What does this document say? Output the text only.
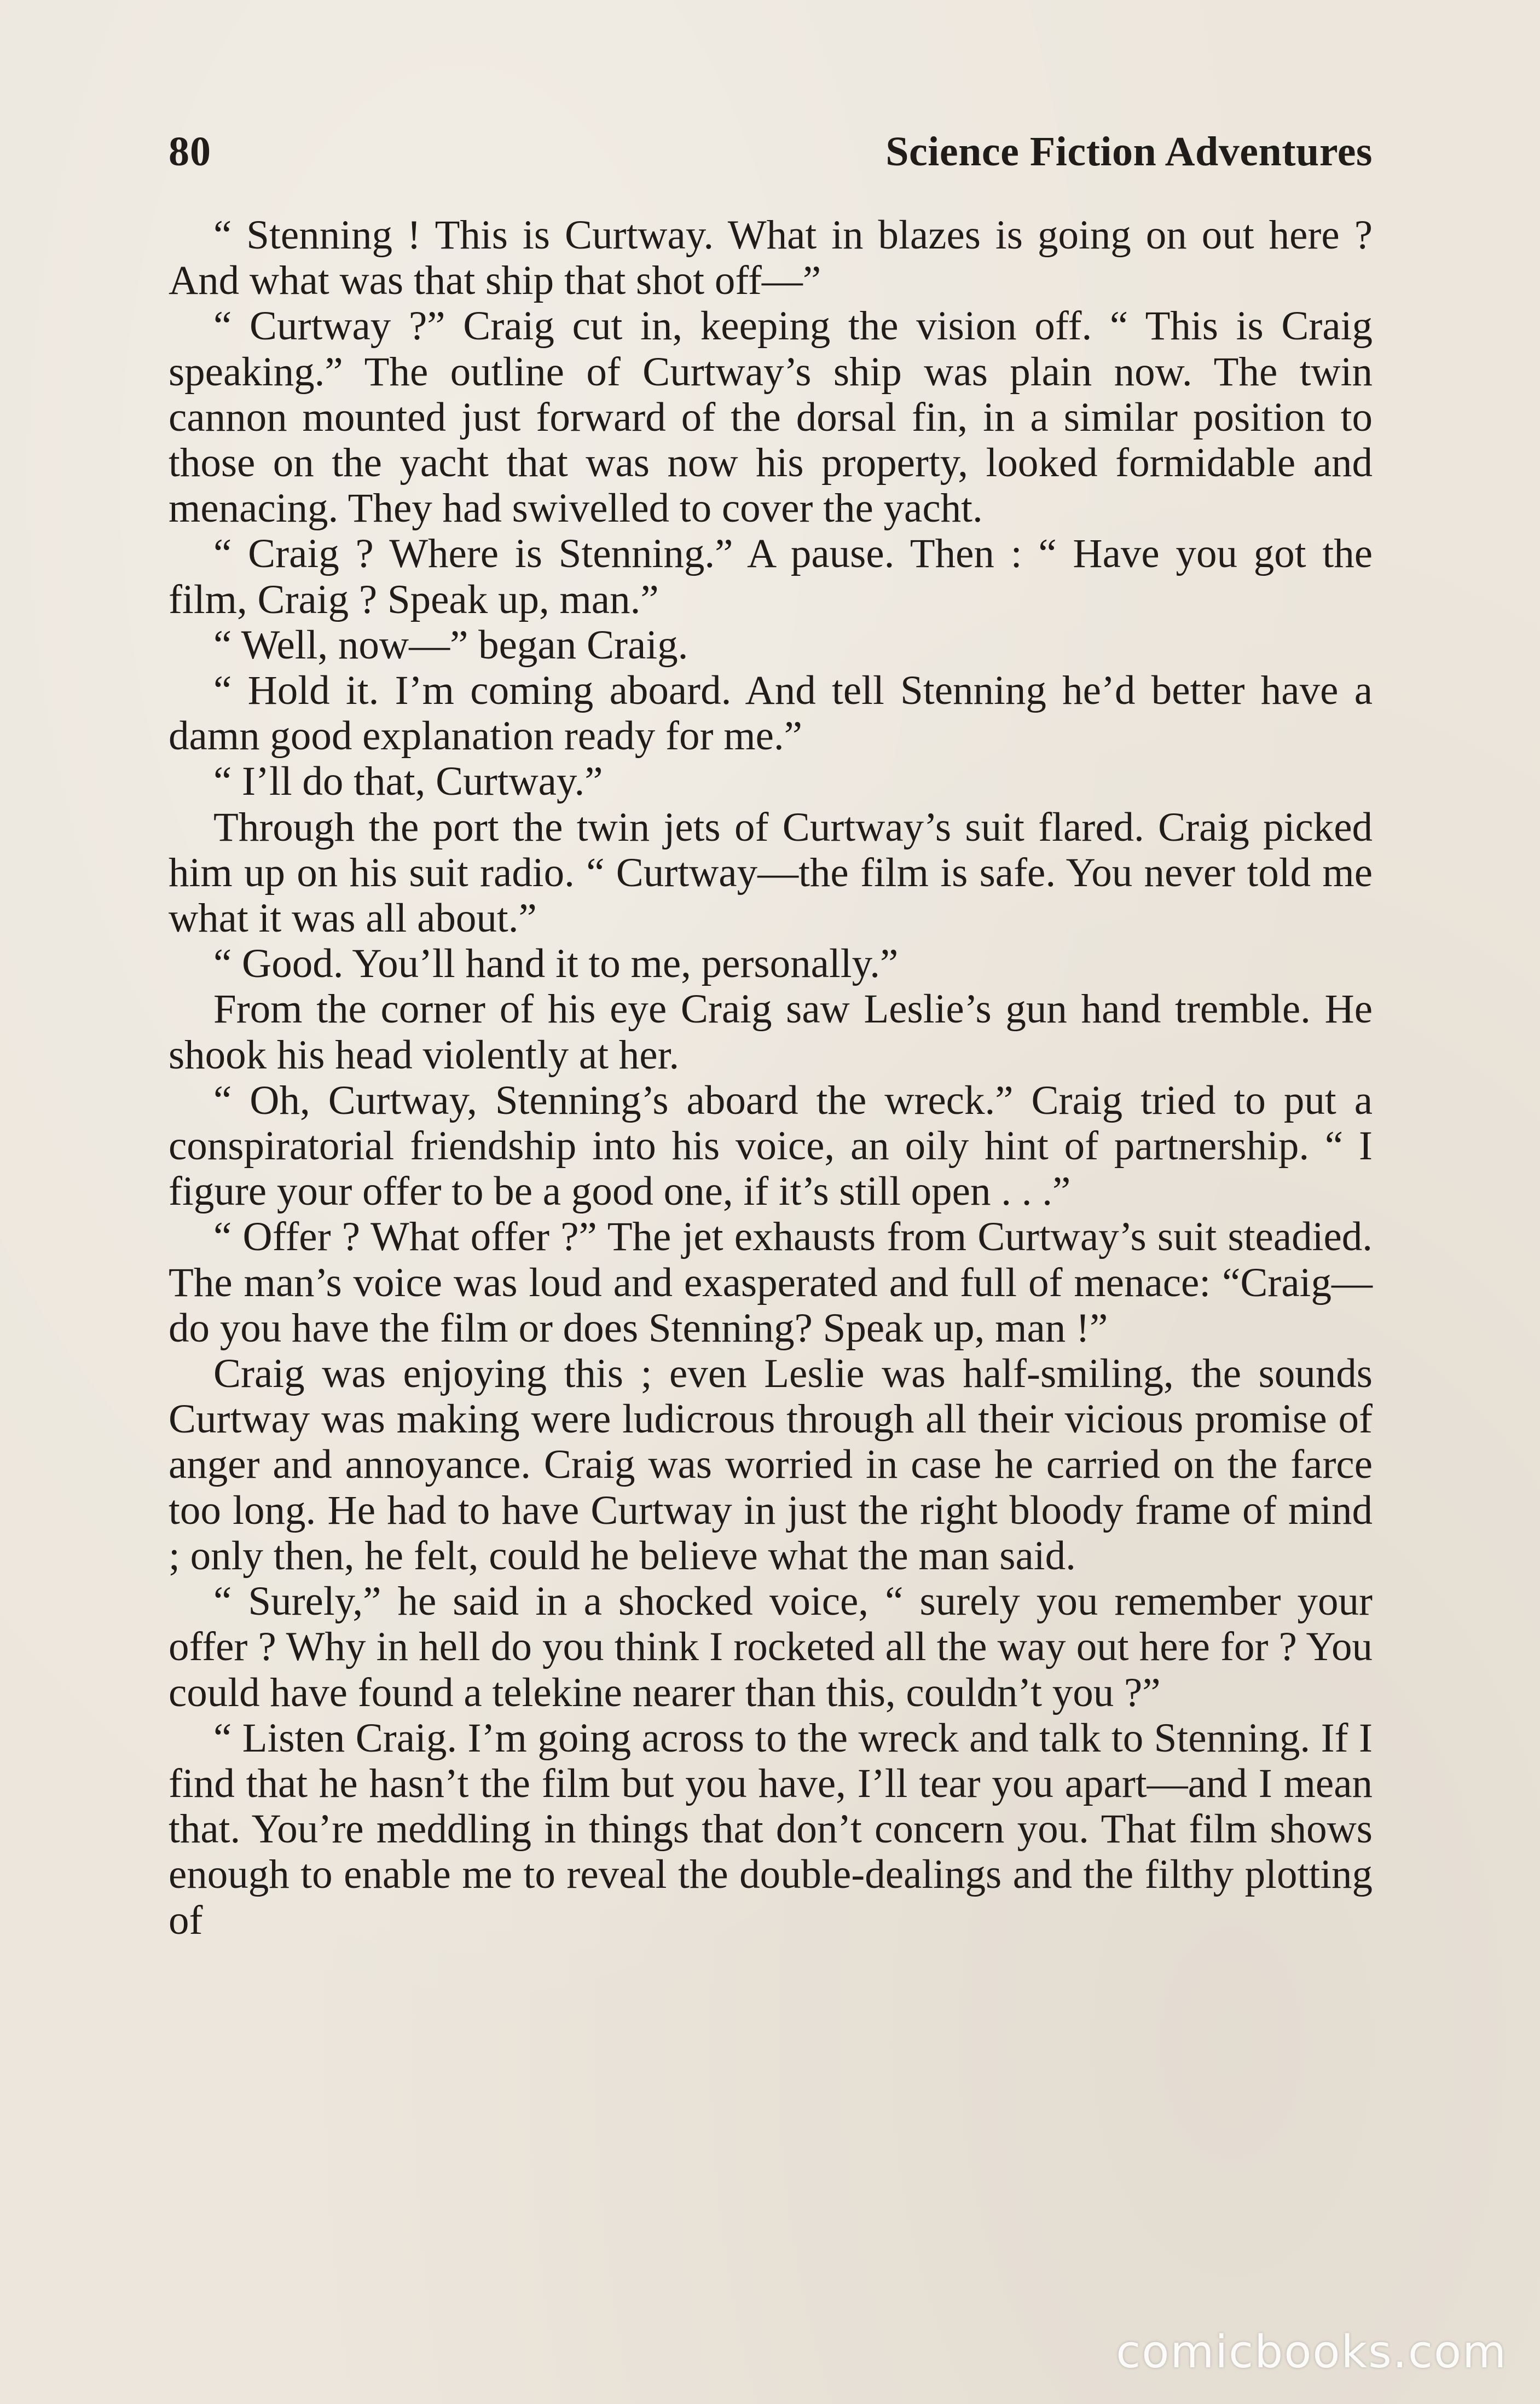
80	Science Fiction Adventures

“ Stenning ! This is Curtway. What in blazes is going on out here ? And what was that ship that shot off—”

“ Curtway ?” Craig cut in, keeping the vision off. “ This is Craig speaking.” The outline of Curtway’s ship was plain now. The twin cannon mounted just forward of the dorsal fin, in a similar position to those on the yacht that was now his property, looked formidable and menacing. They had swivelled to cover the yacht.

“ Craig ? Where is Stenning.” A pause. Then : “ Have you got the film, Craig ? Speak up, man.”

“ Well, now—” began Craig.

“ Hold it. I’m coming aboard. And tell Stenning he’d better have a damn good explanation ready for me.”

“ I’ll do that, Curtway.”

Through the port the twin jets of Curtway’s suit flared. Craig picked him up on his suit radio. “ Curtway—the film is safe. You never told me what it was all about.”

“ Good. You’ll hand it to me, personally.”

From the corner of his eye Craig saw Leslie’s gun hand tremble. He shook his head violently at her.

“ Oh, Curtway, Stenning’s aboard the wreck.” Craig tried to put a conspiratorial friendship into his voice, an oily hint of partnership. “ I figure your offer to be a good one, if it’s still open . . .”

“ Offer ? What offer ?” The jet exhausts from Curtway’s suit steadied. The man’s voice was loud and exasperated and full of menace: “Craig—do you have the film or does Stenning? Speak up, man !”

Craig was enjoying this ; even Leslie was half-smiling, the sounds Curtway was making were ludicrous through all their vicious promise of anger and annoyance. Craig was worried in case he carried on the farce too long. He had to have Curtway in just the right bloody frame of mind ; only then, he felt, could he believe what the man said.

“ Surely,” he said in a shocked voice, “ surely you remember your offer ? Why in hell do you think I rocketed all the way out here for ? You could have found a telekine nearer than this, couldn’t you ?”

“ Listen Craig. I’m going across to the wreck and talk to Stenning. If I find that he hasn’t the film but you have, I’ll tear you apart—and I mean that. You’re meddling in things that don’t concern you. That film shows enough to enable me to reveal the double-dealings and the filthy plotting of

comicbooks.com
